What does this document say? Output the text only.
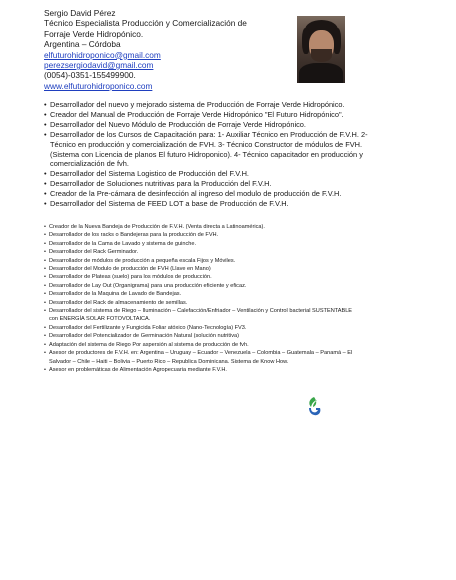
Sergio David Pérez
Técnico Especialista Producción y Comercialización de
Forraje Verde Hidropónico.
Argentina – Córdoba
elfuturohidroponico@gmail.com
perezsergiodavid@gmail.com
(0054)-0351-155499900.
www.elfuturohidroponico.com
• Desarrollador del nuevo y mejorado sistema de Producción de Forraje Verde Hidropónico.
• Creador del Manual de Producción de Forraje Verde Hidropónico "El Futuro Hidropónico".
• Desarrollador del Nuevo Módulo de Producción de Forraje Verde Hidropónico.
• Desarrollador de los Cursos de Capacitación para: 1- Auxiliar Técnico en Producción de F.V.H. 2- Técnico en producción y comercialización de FVH. 3- Técnico Constructor de módulos de FVH. (Sistema con Licencia de planos El futuro Hidroponico). 4- Técnico capacitador en producción y comercialización de fvh.
• Desarrollador del Sistema Logistico de Producción del F.V.H.
• Desarrollador de Soluciones nutritivas para la Producción del F.V.H.
• Creador de la Pre-cámara de desinfección al ingreso del modulo de producción de F.V.H.
• Desarrollador del Sistema de FEED LOT a base de Producción de F.V.H.
• Creador de la Nueva Bandeja de Producción de F.V.H. (Venta directa a Latinoamérica).
• Desarrollador de los racks o Bandejeras para la producción de FVH.
• Desarrollador de la Cama de Lavado y sistema de guinche.
• Desarrollador del Rack Germinador.
• Desarrollador de módulos de producción a pequeña escala Fijos y Móviles.
• Desarrollador del Modulo de producción de FVH (Llave en Mano)
• Desarrollador de Plateas (suelo) para los módulos de producción.
• Desarrollador de Lay Out (Organigrama) para una producción eficiente y eficaz.
• Desarrollador de la Maquina de Lavado de Bandejas.
• Desarrollador del Rack de almacenamiento de semillas.
• Desarrollador del sistema de Riego – Iluminación – Calefacción/Enfriador – Ventilación y Control bacterial SUSTENTABLE con ENERGÍA SOLAR FOTOVOLTAICA.
• Desarrollador del Fertilizante y Fungicida Foliar atóxico (Nano-Tecnología) FV3.
• Desarrollador del Potencializador de Germinación Natural (solución nutritiva)
• Adaptación del sistema de Riego Por aspersión al sistema de producción de fvh.
• Asesor de productores de F.V.H. en: Argentina – Uruguay – Ecuador – Venezuela – Colombia – Guatemala – Panamá – El Salvador – Chile – Haiti – Bolivia – Puerto Rico – Republica Dominicana. Sistema de Know How.
• Asesor en problemáticas de Alimentación Agropecuaria mediante F.V.H.
